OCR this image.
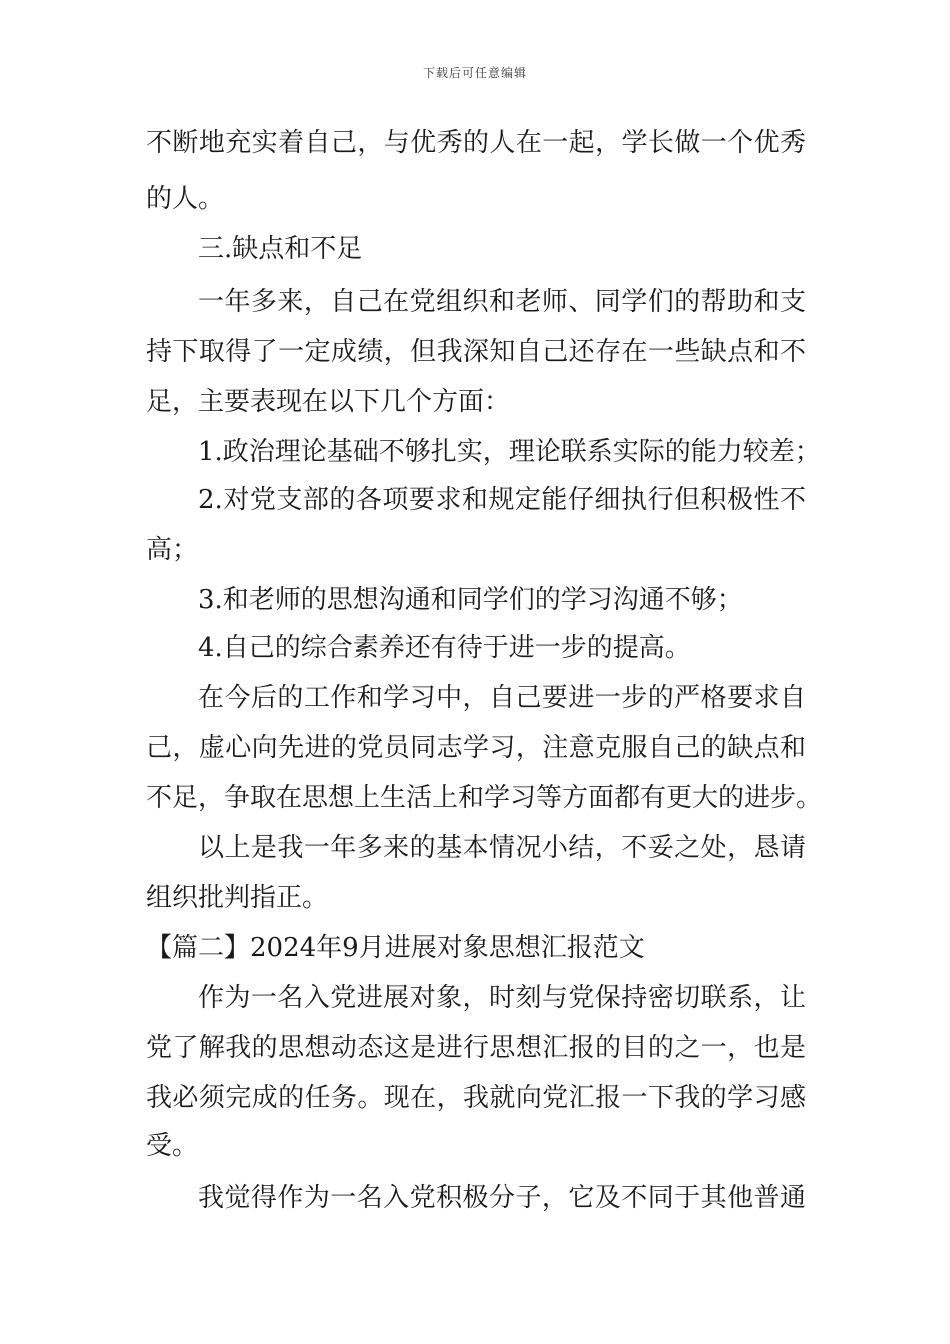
下载后可任意编辑
不断地充实着自己，与优秀的人在一起，学长做一个优秀
的人。
三.缺点和不足
一年多来，自己在党组织和老师、同学们的帮助和支
持下取得了一定成绩，但我深知自己还存在一些缺点和不
足，主要表现在以下几个方面：
1.政治理论基础不够扎实，理论联系实际的能力较差；
2.对党支部的各项要求和规定能仔细执行但积极性不
高；
3.和老师的思想沟通和同学们的学习沟通不够；
4.自己的综合素养还有待于进一步的提高。
在今后的工作和学习中，自己要进一步的严格要求自
己，虚心向先进的党员同志学习，注意克服自己的缺点和
不足，争取在思想上生活上和学习等方面都有更大的进步。
以上是我一年多来的基本情况小结，不妥之处，恳请
组织批判指正。
【篇二】2024年9月进展对象思想汇报范文
作为一名入党进展对象，时刻与党保持密切联系，让
党了解我的思想动态这是进行思想汇报的目的之一，也是
我必须完成的任务。现在，我就向党汇报一下我的学习感
受。
我觉得作为一名入党积极分子，它及不同于其他普通
